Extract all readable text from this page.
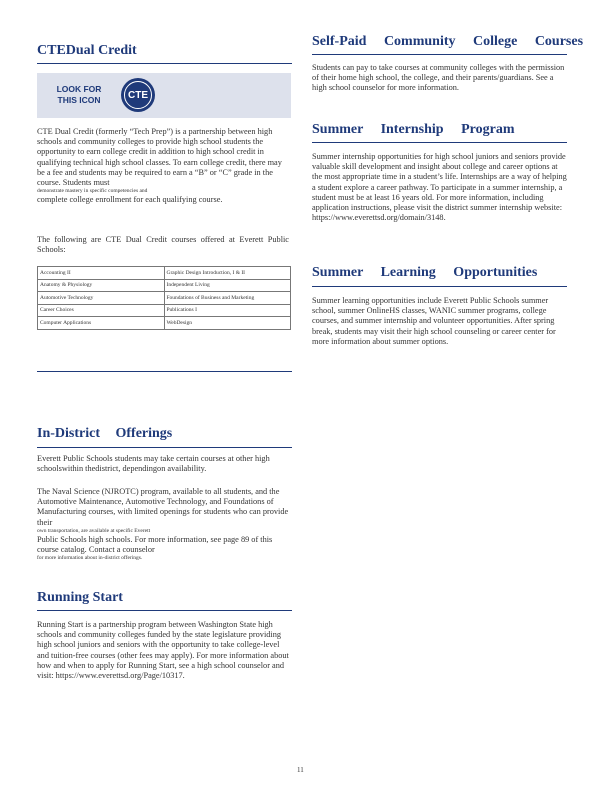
CTEDual Credit
LOOK FOR THIS ICON	CTE

CTE Dual Credit (formerly “Tech Prep”) is a partnership between high schools and community colleges to provide high school students the opportunity to earn college credit in addition to high school credit in qualifying technical high school classes. To earn college credit, there may be a fee and students may be required to earn a “B” or “C” grade in the course. Students must
demonstrate mastery in specific competencies and
complete college enrollment for each qualifying course.

The following are CTE Dual Credit courses offered at Everett Public Schools:

Accounting II	Graphic Design Introduction, I & II
Anatomy & Physiology	Independent Living
Automotive Technology	Foundations of Business and Marketing
Career Choices	Publications I
Computer Applications	WebDesign
Self-Paid Community College Courses

Students can pay to take courses at community colleges with the permission of their home high school, the college, and their parents/guardians. See a high school counselor for more information.

Summer Internship Program

Summer internship opportunities for high school juniors and seniors provide valuable skill development and insight about college and career options at the most appropriate time in a student’s life. Internships are a way of helping a student explore a career pathway. To participate in a summer internship, a student must be at least 16 years old. For more information, including application instructions, please visit the district summer internship website: https://www.everettsd.org/domain/3148.

Summer Learning Opportunities

Summer learning opportunities include Everett Public Schools summer school, summer OnlineHS classes, WANIC summer programs, college courses, and summer internship and volunteer opportunities. After spring break, students may visit their high school counseling or career center for more information about summer options.

In-District Offerings

Everett Public Schools students may take certain courses at other high schoolswithin thedistrict, dependingon availability.

The Naval Science (NJROTC) program, available to all students, and the Automotive Maintenance, Automotive Technology, and Foundations of Manufacturing courses, with limited openings for students who can provide their
own transportation, are available at specific Everett
Public Schools high schools. For more information, see page 89 of this course catalog. Contact a counselor
for more information about in-district offerings.

Running Start

Running Start is a partnership program between Washington State high schools and community colleges funded by the state legislature providing high school juniors and seniors with the opportunity to take college-level and tuition-free courses (other fees may apply). For more information about how and when to apply for Running Start, see a high school counselor and visit: https://www.everettsd.org/Page/10317.

11
